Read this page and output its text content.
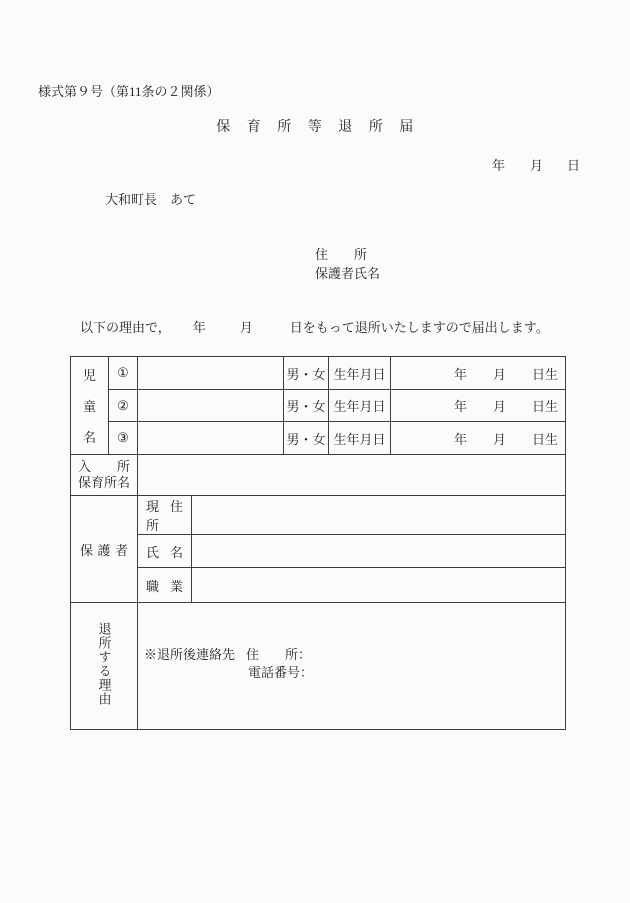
様式第９号（第11条の２関係）
保育所等退所届
年 月 日
大和町長　あて
住　　所
保護者氏名
以下の理由で， 年	月	日をもって退所いたしますので届出します。
児
童
名	①			男・女	生年月日	年　　月　　日生
	②			男・女	生年月日	年　　月　　日生
	③			男・女	生年月日	年　　月　　日生

入所
保育所名						

保護者		現住所				
		氏名				
		職業				
退所する理由		※退所後連絡先 住　　所：
電話番号：				
